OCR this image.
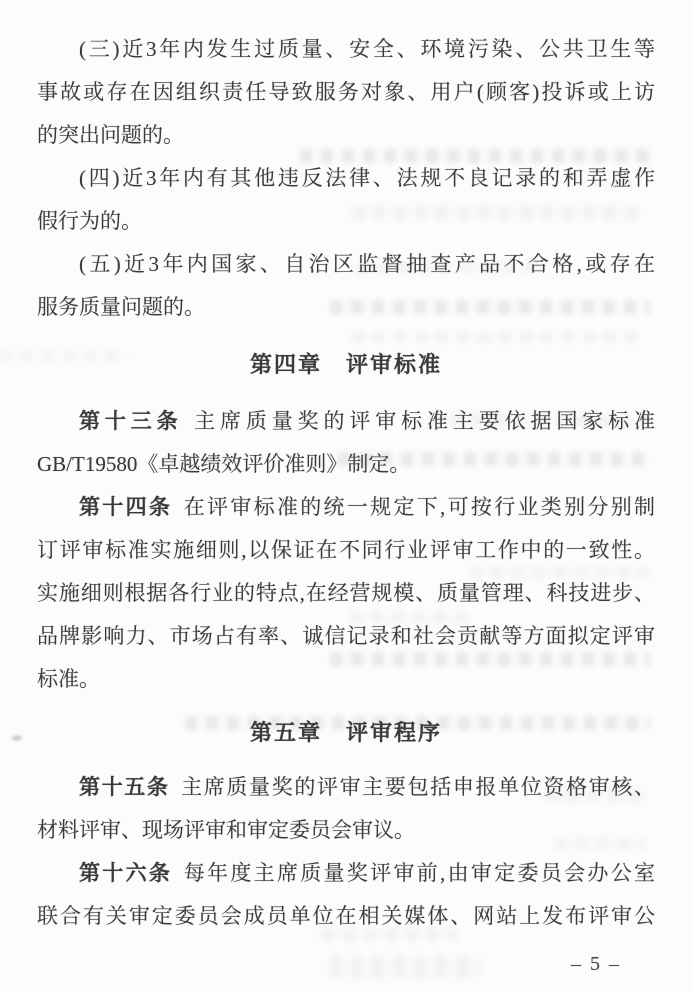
(三)近3年内发生过质量、安全、环境污染、公共卫生等
事故或存在因组织责任导致服务对象、用户(顾客)投诉或上访
的突出问题的。
(四)近3年内有其他违反法律、法规不良记录的和弄虚作
假行为的。
(五)近3年内国家、自治区监督抽查产品不合格,或存在
服务质量问题的。
第四章　评审标准
第十三条 主席质量奖的评审标准主要依据国家标准
GB/T19580《卓越绩效评价准则》制定。
第十四条 在评审标准的统一规定下,可按行业类别分别制
订评审标准实施细则,以保证在不同行业评审工作中的一致性。
实施细则根据各行业的特点,在经营规模、质量管理、科技进步、
品牌影响力、市场占有率、诚信记录和社会贡献等方面拟定评审
标准。
第五章　评审程序
第十五条 主席质量奖的评审主要包括申报单位资格审核、
材料评审、现场评审和审定委员会审议。
第十六条 每年度主席质量奖评审前,由审定委员会办公室
联合有关审定委员会成员单位在相关媒体、网站上发布评审公
– 5 –
